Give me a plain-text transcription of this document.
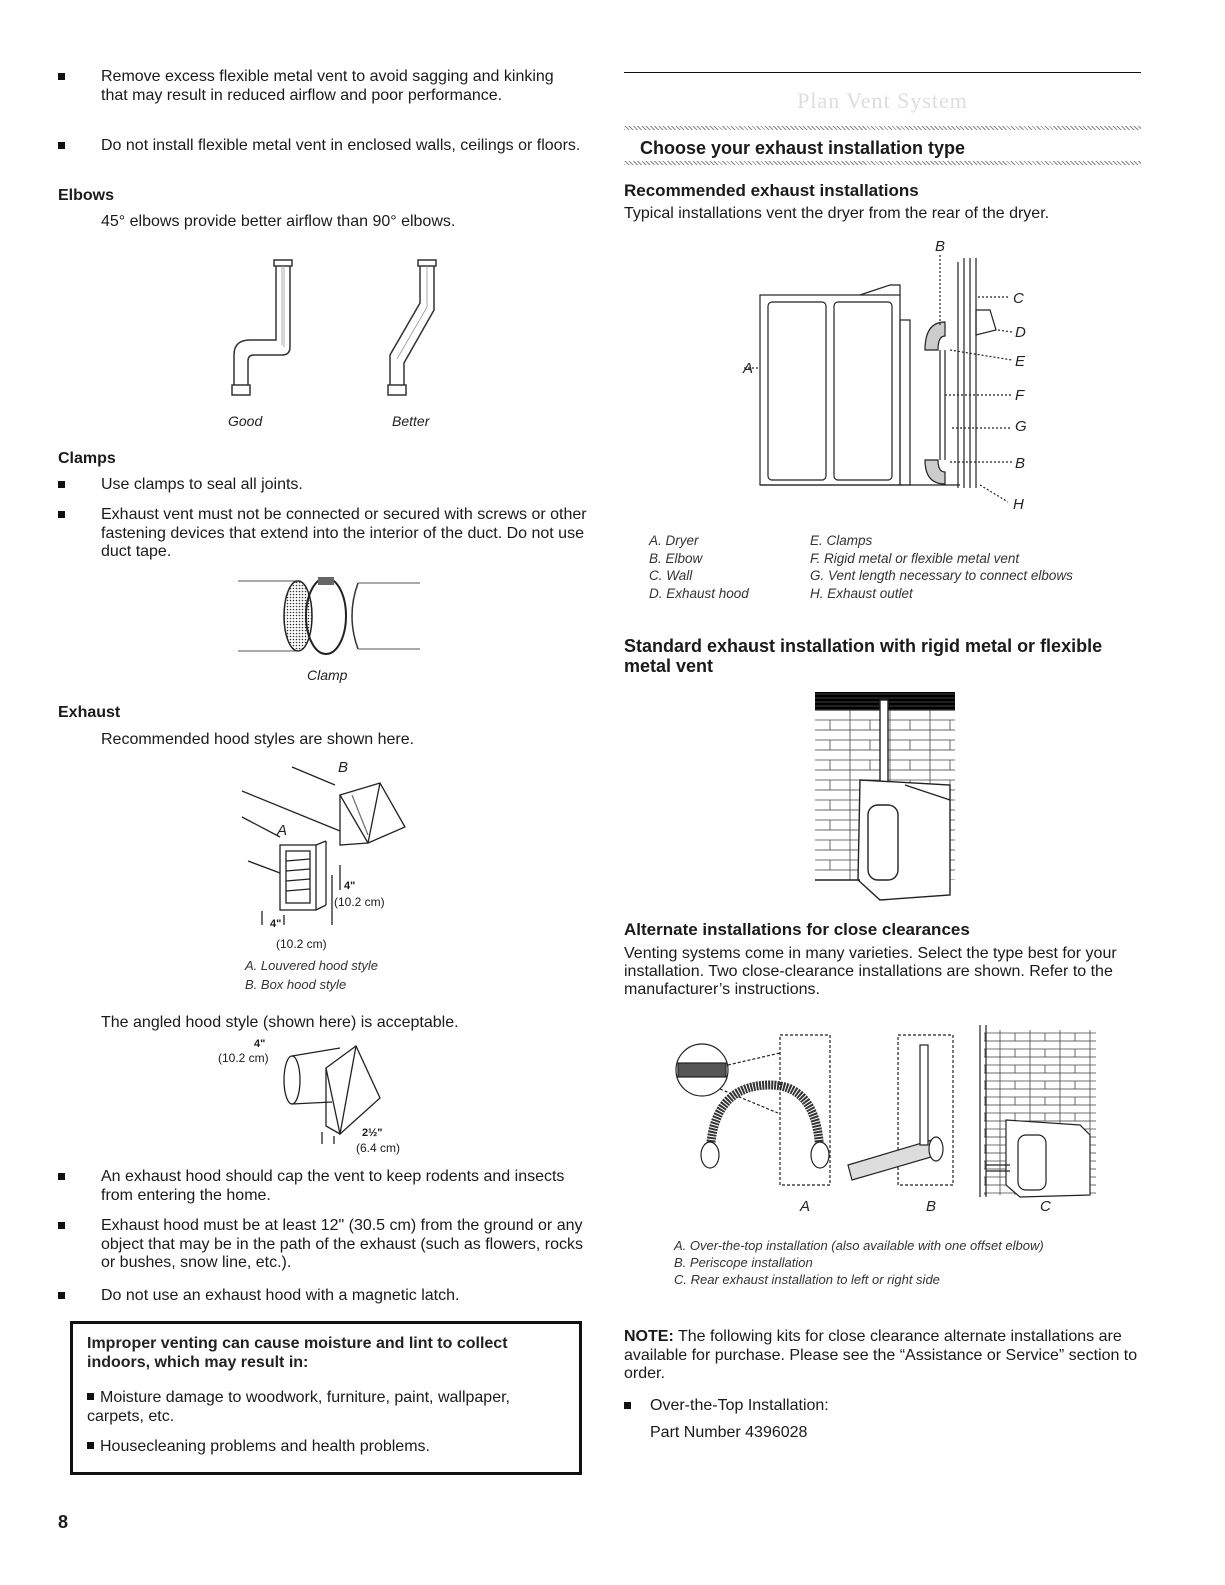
Remove excess flexible metal vent to avoid sagging and kinking that may result in reduced airflow and poor performance.
Do not install flexible metal vent in enclosed walls, ceilings or floors.
Elbows
45° elbows provide better airflow than 90° elbows.
Good	Better
Clamps
Use clamps to seal all joints.
Exhaust vent must not be connected or secured with screws or other fastening devices that extend into the interior of the duct. Do not use duct tape.
Clamp
Exhaust
Recommended hood styles are shown here.
B
A
4"
(10.2 cm)
4"
(10.2 cm)
A. Louvered hood style
B. Box hood style
The angled hood style (shown here) is acceptable.
4"
(10.2 cm)
2½"
(6.4 cm)
An exhaust hood should cap the vent to keep rodents and insects from entering the home.
Exhaust hood must be at least 12" (30.5 cm) from the ground or any object that may be in the path of the exhaust (such as flowers, rocks or bushes, snow line, etc.).
Do not use an exhaust hood with a magnetic latch.
Improper venting can cause moisture and lint to collect indoors, which may result in:
Moisture damage to woodwork, furniture, paint, wallpaper, carpets, etc.
Housecleaning problems and health problems.
8
Plan Vent System
Choose your exhaust installation type
Recommended exhaust installations
Typical installations vent the dryer from the rear of the dryer.
B
C
D
E
A
F
G
B
H
A. Dryer
B. Elbow
C. Wall
D. Exhaust hood
E. Clamps
F. Rigid metal or flexible metal vent
G. Vent length necessary to connect elbows
H. Exhaust outlet
Standard exhaust installation with rigid metal or flexible metal vent
Alternate installations for close clearances
Venting systems come in many varieties. Select the type best for your installation. Two close-clearance installations are shown. Refer to the manufacturer’s instructions.
A	B	C
A. Over-the-top installation (also available with one offset elbow)
B. Periscope installation
C. Rear exhaust installation to left or right side
NOTE: The following kits for close clearance alternate installations are available for purchase. Please see the “Assistance or Service” section to order.
Over-the-Top Installation:
Part Number 4396028
